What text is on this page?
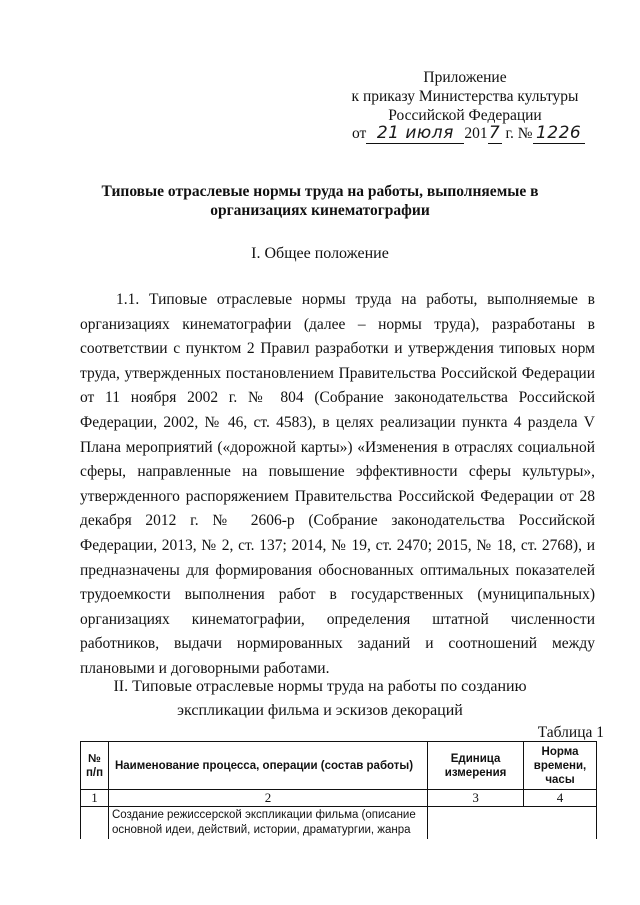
Приложение
к приказу Министерства культуры
Российской Федерации
от 21 июля 2017 г. № 1226
Типовые отраслевые нормы труда на работы, выполняемые в организациях кинематографии
I. Общее положение
1.1. Типовые отраслевые нормы труда на работы, выполняемые в организациях кинематографии (далее – нормы труда), разработаны в соответствии с пунктом 2 Правил разработки и утверждения типовых норм труда, утвержденных постановлением Правительства Российской Федерации от 11 ноября 2002 г. № 804 (Собрание законодательства Российской Федерации, 2002, № 46, ст. 4583), в целях реализации пункта 4 раздела V Плана мероприятий («дорожной карты») «Изменения в отраслях социальной сферы, направленные на повышение эффективности сферы культуры», утвержденного распоряжением Правительства Российской Федерации от 28 декабря 2012 г. № 2606-р (Собрание законодательства Российской Федерации, 2013, № 2, ст. 137; 2014, № 19, ст. 2470; 2015, № 18, ст. 2768), и предназначены для формирования обоснованных оптимальных показателей трудоемкости выполнения работ в государственных (муниципальных) организациях кинематографии, определения штатной численности работников, выдачи нормированных заданий и соотношений между плановыми и договорными работами.
II. Типовые отраслевые нормы труда на работы по созданию
экспликации фильма и эскизов декораций
Таблица 1
№ п/п	Наименование процесса, операции (состав работы)	Единица измерения	Норма времени, часы
1	2	3	4
	Создание режиссерской экспликации фильма (описание основной идеи, действий, истории, драматургии, жанра		
